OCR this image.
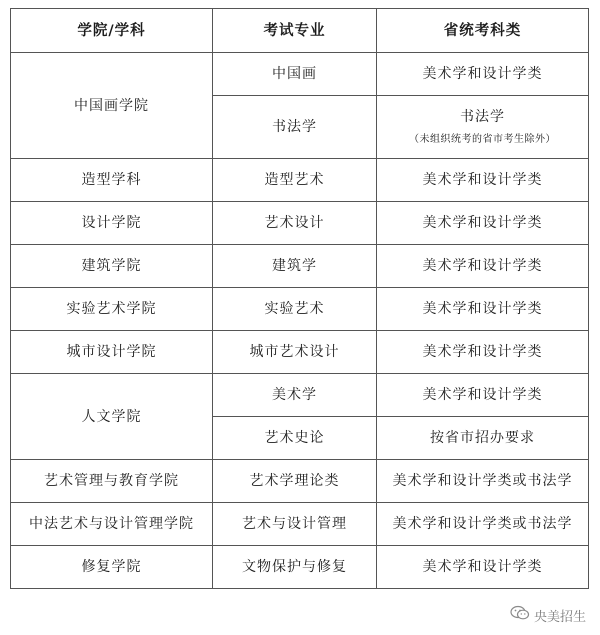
学院/学科	考试专业	省统考科类
中国画学院	中国画	美术学和设计学类
	书法学	书法学
（未组织统考的省市考生除外）

造型学科	造型艺术	美术学和设计学类
设计学院	艺术设计	美术学和设计学类
建筑学院	建筑学	美术学和设计学类
实验艺术学院	实验艺术	美术学和设计学类
城市设计学院	城市艺术设计	美术学和设计学类
人文学院	美术学	美术学和设计学类
	艺术史论	按省市招办要求
艺术管理与教育学院	艺术学理论类	美术学和设计学类或书法学
中法艺术与设计管理学院	艺术与设计管理	美术学和设计学类或书法学
修复学院	文物保护与修复	美术学和设计学类
央美招生
